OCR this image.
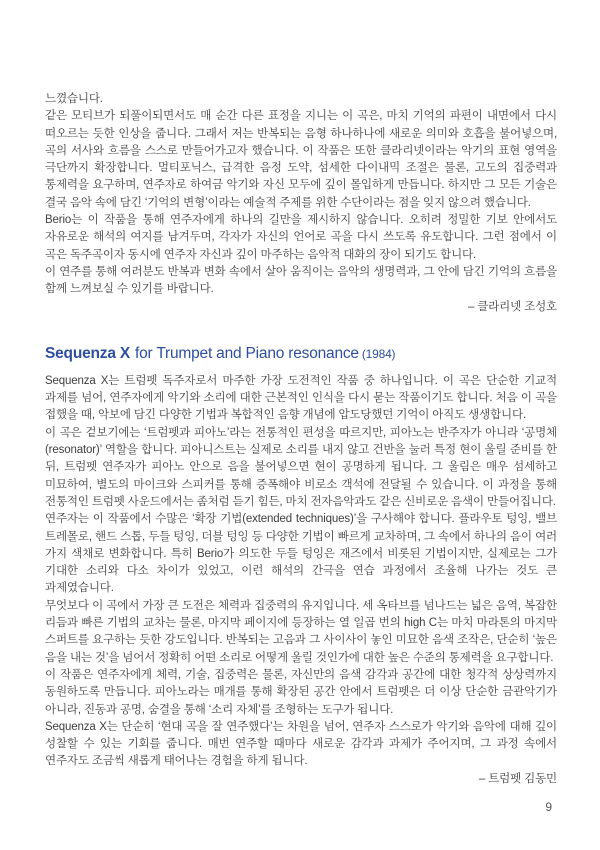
느꼈습니다.

같은 모티브가 되풀이되면서도 매 순간 다른 표정을 지니는 이 곡은, 마치 기억의 파편이 내면에서 다시 떠오르는 듯한 인상을 줍니다. 그래서 저는 반복되는 음형 하나하나에 새로운 의미와 호흡을 불어넣으며, 곡의 서사와 흐름을 스스로 만들어가고자 했습니다. 이 작품은 또한 클라리넷이라는 악기의 표현 영역을 극단까지 확장합니다. 멀티포닉스, 급격한 음정 도약, 섬세한 다이내믹 조절은 물론, 고도의 집중력과 통제력을 요구하며, 연주자로 하여금 악기와 자신 모두에 깊이 몰입하게 만듭니다. 하지만 그 모든 기술은 결국 음악 속에 담긴 ‘기억의 변형’이라는 예술적 주제를 위한 수단이라는 점을 잊지 않으려 했습니다.

Berio는 이 작품을 통해 연주자에게 하나의 길만을 제시하지 않습니다. 오히려 정밀한 기보 안에서도 자유로운 해석의 여지를 남겨두며, 각자가 자신의 언어로 곡을 다시 쓰도록 유도합니다. 그런 점에서 이 곡은 독주곡이자 동시에 연주자 자신과 깊이 마주하는 음악적 대화의 장이 되기도 합니다.

이 연주를 통해 여러분도 반복과 변화 속에서 살아 움직이는 음악의 생명력과, 그 안에 담긴 기억의 흐름을 함께 느껴보실 수 있기를 바랍니다.

– 클라리넷 조성호

Sequenza X for Trumpet and Piano resonance (1984)

Sequenza X는 트럼펫 독주자로서 마주한 가장 도전적인 작품 중 하나입니다. 이 곡은 단순한 기교적 과제를 넘어, 연주자에게 악기와 소리에 대한 근본적인 인식을 다시 묻는 작품이기도 합니다. 처음 이 곡을 접했을 때, 악보에 담긴 다양한 기법과 복합적인 음향 개념에 압도당했던 기억이 아직도 생생합니다.

이 곡은 겉보기에는 ‘트럼펫과 피아노’라는 전통적인 편성을 따르지만, 피아노는 반주자가 아니라 ‘공명체(resonator)’ 역할을 합니다. 피아니스트는 실제로 소리를 내지 않고 건반을 눌러 특정 현이 울릴 준비를 한 뒤, 트럼펫 연주자가 피아노 안으로 음을 불어넣으면 현이 공명하게 됩니다. 그 울림은 매우 섬세하고 미묘하여, 별도의 마이크와 스피커를 통해 증폭해야 비로소 객석에 전달될 수 있습니다. 이 과정을 통해 전통적인 트럼펫 사운드에서는 좀처럼 듣기 힘든, 마치 전자음악과도 같은 신비로운 음색이 만들어집니다.

연주자는 이 작품에서 수많은 ‘확장 기법(extended techniques)’을 구사해야 합니다. 플라우토 텅잉, 밸브 트레몰로, 핸드 스톱, 두들 텅잉, 더블 텅잉 등 다양한 기법이 빠르게 교차하며, 그 속에서 하나의 음이 여러 가지 색채로 변화합니다. 특히 Berio가 의도한 두들 텅잉은 재즈에서 비롯된 기법이지만, 실제로는 그가 기대한 소리와 다소 차이가 있었고, 이런 해석의 간극을 연습 과정에서 조율해 나가는 것도 큰 과제였습니다.

무엇보다 이 곡에서 가장 큰 도전은 체력과 집중력의 유지입니다. 세 옥타브를 넘나드는 넓은 음역, 복잡한 리듬과 빠른 기법의 교차는 물론, 마지막 페이지에 등장하는 열 일곱 번의 high C는 마치 마라톤의 마지막 스퍼트를 요구하는 듯한 강도입니다. 반복되는 고음과 그 사이사이 놓인 미묘한 음색 조작은, 단순히 ‘높은 음을 내는 것’을 넘어서 정확히 어떤 소리로 어떻게 울릴 것인가에 대한 높은 수준의 통제력을 요구합니다.

이 작품은 연주자에게 체력, 기술, 집중력은 물론, 자신만의 음색 감각과 공간에 대한 청각적 상상력까지 동원하도록 만듭니다. 피아노라는 매개를 통해 확장된 공간 안에서 트럼펫은 더 이상 단순한 금관악기가 아니라, 진동과 공명, 숨결을 통해 ‘소리 자체’를 조형하는 도구가 됩니다.

Sequenza X는 단순히 ‘현대 곡을 잘 연주했다’는 차원을 넘어, 연주자 스스로가 악기와 음악에 대해 깊이 성찰할 수 있는 기회를 줍니다. 매번 연주할 때마다 새로운 감각과 과제가 주어지며, 그 과정 속에서 연주자도 조금씩 새롭게 태어나는 경험을 하게 됩니다.

– 트럼펫 김동민

9
